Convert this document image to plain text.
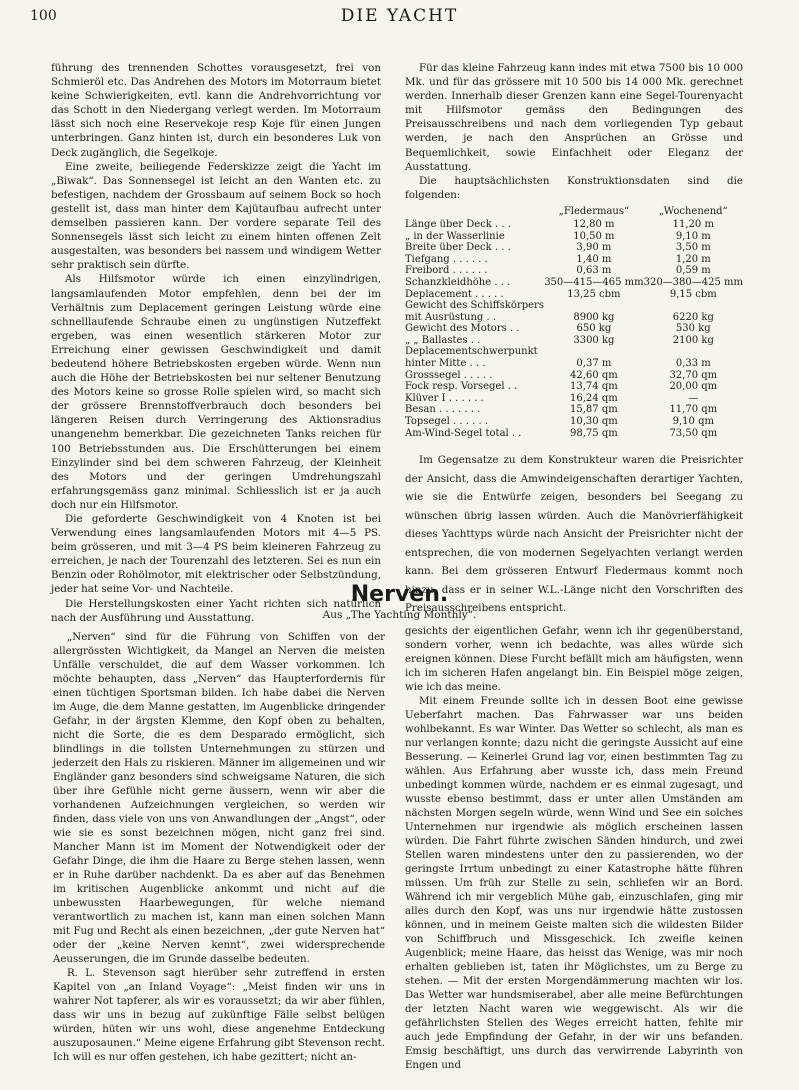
100	DIE YACHT

führung des trennenden Schottes vorausgesetzt, frei von Schmieröl etc. Das Andrehen des Motors im Motorraum bietet keine Schwierigkeiten, evtl. kann die Andrehvorrichtung vor das Schott in den Niedergang verlegt werden. Im Motorraum lässt sich noch eine Reservekoje resp Koje für einen Jungen unterbringen. Ganz hinten ist, durch ein besonderes Luk von Deck zugänglich, die Segelkoje.

Eine zweite, beiliegende Federskizze zeigt die Yacht im „Biwak“. Das Sonnensegel ist leicht an den Wanten etc. zu befestigen, nachdem der Grossbaum auf seinem Bock so hoch gestellt ist, dass man hinter dem Kajütaufbau aufrecht unter demselben passieren kann. Der vordere separate Teil des Sonnensegels lässt sich leicht zu einem hinten offenen Zelt ausgestalten, was besonders bei nassem und windigem Wetter sehr praktisch sein dürfte.

Als Hilfsmotor würde ich einen einzylindrigen, langsamlaufenden Motor empfehlen, denn bei der im Verhältnis zum Deplacement geringen Leistung würde eine schnelllaufende Schraube einen zu ungünstigen Nutzeffekt ergeben, was einen wesentlich stärkeren Motor zur Erreichung einer gewissen Geschwindigkeit und damit bedeutend höhere Betriebskosten ergeben würde. Wenn nun auch die Höhe der Betriebskosten bei nur seltener Benutzung des Motors keine so grosse Rolle spielen wird, so macht sich der grössere Brennstoffverbrauch doch besonders bei längeren Reisen durch Verringerung des Aktionsradius unangenehm bemerkbar. Die gezeichneten Tanks reichen für 100 Betriebsstunden aus. Die Erschütterungen bei einem Einzylinder sind bei dem schweren Fahrzeug, der Kleinheit des Motors und der geringen Umdrehungszahl erfahrungsgemäss ganz minimal. Schliesslich ist er ja auch doch nur ein Hilfsmotor.

Die geforderte Geschwindigkeit von 4 Knoten ist bei Verwendung eines langsamlaufenden Motors mit 4—5 PS. beim grösseren, und mit 3—4 PS beim kleineren Fahrzeug zu erreichen, je nach der Tourenzahl des letzteren. Sei es nun ein Benzin oder Rohölmotor, mit elektrischer oder Selbstzündung, jeder hat seine Vor- und Nachteile.

Die Herstellungskosten einer Yacht richten sich natürlich nach der Ausführung und Ausstattung.

Für das kleine Fahrzeug kann indes mit etwa 7500 bis 10 000 Mk. und für das grössere mit 10 500 bis 14 000 Mk. gerechnet werden. Innerhalb dieser Grenzen kann eine Segel-Tourenyacht mit Hilfsmotor gemäss den Bedingungen des Preisausschreibens und nach dem vorliegenden Typ gebaut werden, je nach den Ansprüchen an Grösse und Bequemlichkeit, sowie Einfachheit oder Eleganz der Ausstattung.

Die hauptsächlichsten Konstruktionsdaten sind die folgenden:

	„Fledermaus“	„Wochenend“
Länge über Deck . . .	12,80 m	11,20 m
„ in der Wasserlinie	10,50 m	9,10 m
Breite über Deck . . .	3,90 m	3,50 m
Tiefgang . . . . . .	1,40 m	1,20 m
Freibord . . . . . .	0,63 m	0,59 m
Schanzkleidhöhe . . .	350—415—465 mm	320—380—425 mm
Deplacement . . . . .	13,25 cbm	9,15 cbm
Gewicht des Schiffskörpers		
mit Ausrüstung . .	8900 kg	6220 kg
Gewicht des Motors . .	650 kg	530 kg
„ „ Ballastes . .	3300 kg	2100 kg
Deplacementschwerpunkt		
hinter Mitte . . .	0,37 m	0,33 m
Grosssegel . . . . .	42,60 qm	32,70 qm
Fock resp. Vorsegel . .	13,74 qm	20,00 qm
Klüver I . . . . . .	16,24 qm	—
Besan . . . . . . .	15,87 qm	11,70 qm
Topsegel . . . . . .	10,30 qm	9,10 qm
Am-Wind-Segel total . .	98,75 qm	73,50 qm

Im Gegensatze zu dem Konstrukteur waren die Preisrichter der Ansicht, dass die Amwindeigenschaften derartiger Yachten, wie sie die Entwürfe zeigen, besonders bei Seegang zu wünschen übrig lassen würden. Auch die Manövrierfähigkeit dieses Yachttyps würde nach Ansicht der Preisrichter nicht der entsprechen, die von modernen Segelyachten verlangt werden kann. Bei dem grösseren Entwurf Fledermaus kommt noch hinzu, dass er in seiner W.L.-Länge nicht den Vorschriften des Preisausschreibens entspricht.

Nerven.
Aus „The Yachting Monthly“.

„Nerven“ sind für die Führung von Schiffen von der allergrössten Wichtigkeit, da Mangel an Nerven die meisten Unfälle verschuldet, die auf dem Wasser vorkommen. Ich möchte behaupten, dass „Nerven“ das Haupterfordernis für einen tüchtigen Sportsman bilden. Ich habe dabei die Nerven im Auge, die dem Manne gestatten, im Augenblicke dringender Gefahr, in der ärgsten Klemme, den Kopf oben zu behalten, nicht die Sorte, die es dem Desparado ermöglicht, sich blindlings in die tollsten Unternehmungen zu stürzen und jederzeit den Hals zu riskieren. Männer im allgemeinen und wir Engländer ganz besonders sind schweigsame Naturen, die sich über ihre Gefühle nicht gerne äussern, wenn wir aber die vorhandenen Aufzeichnungen vergleichen, so werden wir finden, dass viele von uns von Anwandlungen der „Angst“, oder wie sie es sonst bezeichnen mögen, nicht ganz frei sind. Mancher Mann ist im Moment der Notwendigkeit oder der Gefahr Dinge, die ihm die Haare zu Berge stehen lassen, wenn er in Ruhe darüber nachdenkt. Da es aber auf das Benehmen im kritischen Augenblicke ankommt und nicht auf die unbewussten Haarbewegungen, für welche niemand verantwortlich zu machen ist, kann man einen solchen Mann mit Fug und Recht als einen bezeichnen, „der gute Nerven hat“ oder der „keine Nerven kennt“, zwei widersprechende Aeusserungen, die im Grunde dasselbe bedeuten.

R. L. Stevenson sagt hierüber sehr zutreffend in ersten Kapitel von „an Inland Voyage“: „Meist finden wir uns in wahrer Not tapferer, als wir es voraussetzt; da wir aber fühlen, dass wir uns in bezug auf zukünftige Fälle selbst belügen würden, hüten wir uns wohl, diese angenehme Entdeckung auszuposaunen.“ Meine eigene Erfahrung gibt Stevenson recht. Ich will es nur offen gestehen, ich habe gezittert; nicht an-

gesichts der eigentlichen Gefahr, wenn ich ihr gegenüberstand, sondern vorher, wenn ich bedachte, was alles würde sich ereignen können. Diese Furcht befällt mich am häufigsten, wenn ich im sicheren Hafen angelangt bin. Ein Beispiel möge zeigen, wie ich das meine.

Mit einem Freunde sollte ich in dessen Boot eine gewisse Ueberfahrt machen. Das Fahrwasser war uns beiden wohlbekannt. Es war Winter. Das Wetter so schlecht, als man es nur verlangen konnte; dazu nicht die geringste Aussicht auf eine Besserung. — Keinerlei Grund lag vor, einen bestimmten Tag zu wählen. Aus Erfahrung aber wusste ich, dass mein Freund unbedingt kommen würde, nachdem er es einmal zugesagt, und wusste ebenso bestimmt, dass er unter allen Umständen am nächsten Morgen segeln würde, wenn Wind und See ein solches Unternehmen nur irgendwie als möglich erscheinen lassen würden. Die Fahrt führte zwischen Sänden hindurch, und zwei Stellen waren mindestens unter den zu passierenden, wo der geringste Irrtum unbedingt zu einer Katastrophe hätte führen müssen. Um früh zur Stelle zu sein, schliefen wir an Bord. Während ich mir vergeblich Mühe gab, einzuschlafen, ging mir alles durch den Kopf, was uns nur irgendwie hätte zustossen können, und in meinem Geiste malten sich die wildesten Bilder von Schiffbruch und Missgeschick. Ich zweifle keinen Augenblick; meine Haare, das heisst das Wenige, was mir noch erhalten geblieben ist, taten ihr Möglichstes, um zu Berge zu stehen. — Mit der ersten Morgendämmerung machten wir los. Das Wetter war hundsmiserabel, aber alle meine Befürchtungen der letzten Nacht waren wie weggewischt. Als wir die gefährlichsten Stellen des Weges erreicht hatten, fehlte mir auch jede Empfindung der Gefahr, in der wir uns befanden. Emsig beschäftigt, uns durch das verwirrende Labyrinth von Engen und
